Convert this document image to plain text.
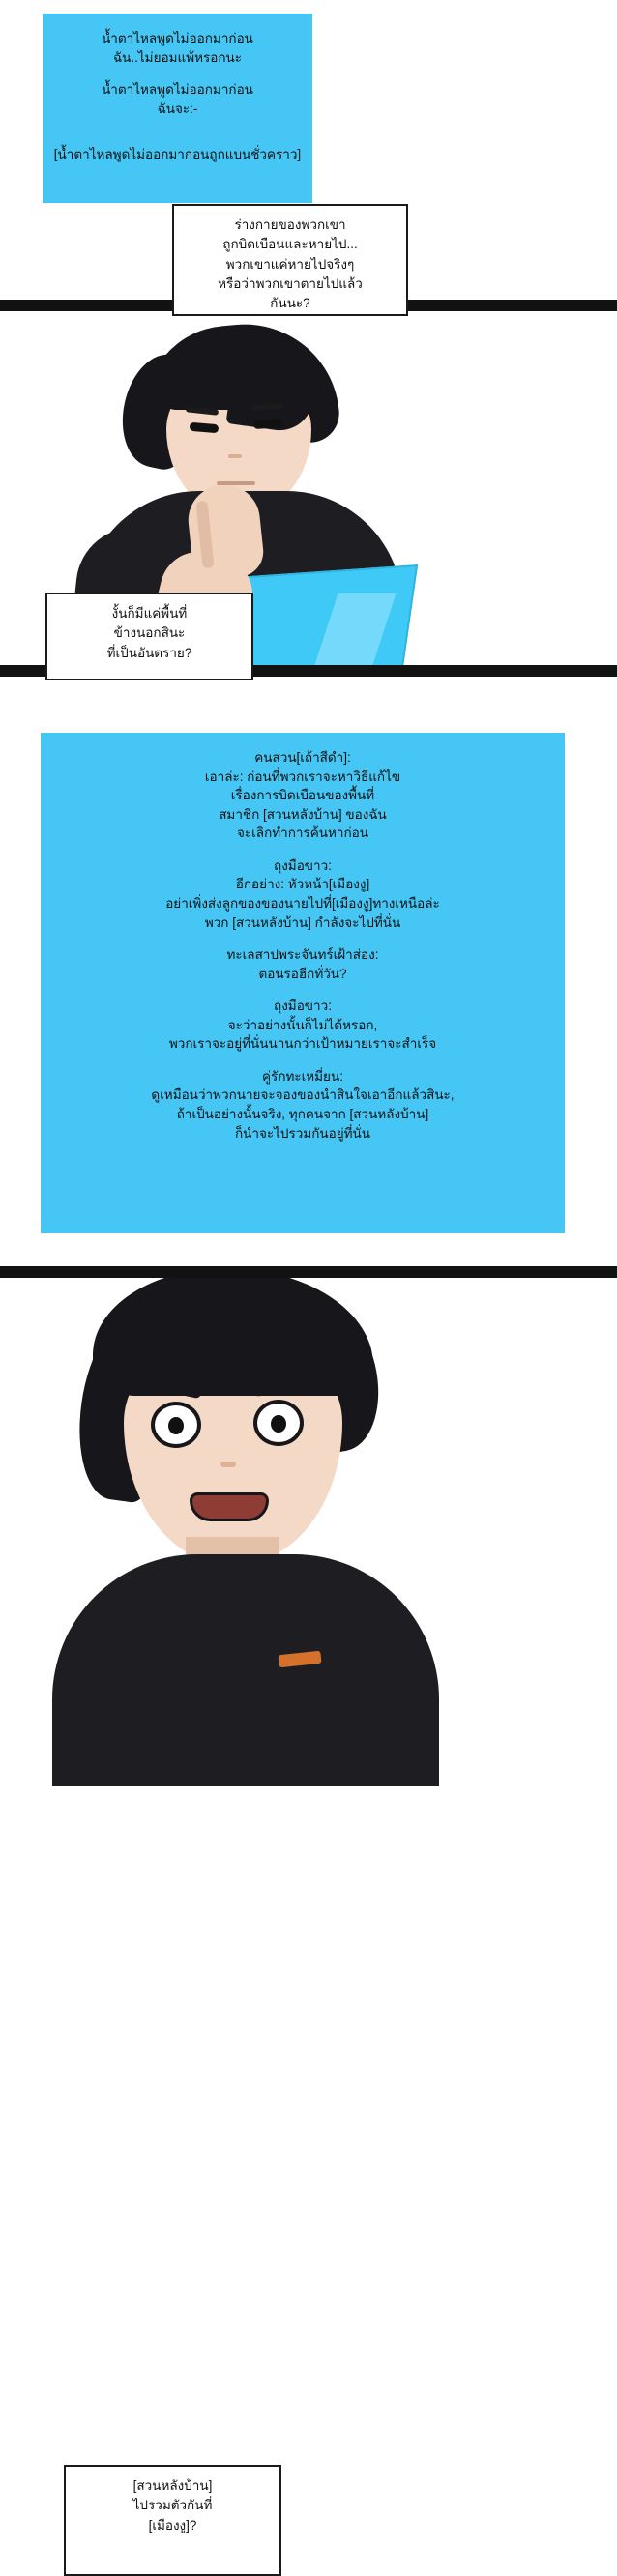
น้ำตาไหลพูดไม่ออกมาก่อน
ฉัน..ไม่ยอมแพ้หรอกนะ
น้ำตาไหลพูดไม่ออกมาก่อน
ฉันจะ:-
[น้ำตาไหลพูดไม่ออกมาก่อนถูกแบนชั่วคราว]
ร่างกายของพวกเขา
ถูกบิดเบือนและหายไป...
พวกเขาแค่หายไปจริงๆ
หรือว่าพวกเขาตายไปแล้ว
กันนะ?
งั้นก็มีแค่พื้นที่
ข้างนอกสินะ
ที่เป็นอันตราย?
คนสวน[เถ้าสีดำ]:
เอาล่ะ: ก่อนที่พวกเราจะหาวิธีแก้ไข
เรื่องการบิดเบือนของพื้นที่
สมาชิก [สวนหลังบ้าน] ของฉัน
จะเลิกทำการค้นหาก่อน
ถุงมือขาว:
อีกอย่าง: หัวหน้า[เมืองงู]
อย่าเพิ่งส่งลูกของของนายไปที่[เมืองงู]ทางเหนือล่ะ
พวก [สวนหลังบ้าน] กำลังจะไปที่นั่น
ทะเลสาปพระจันทร์เฝ้าส่อง:
ตอนรอฮีกทั่วัน?
ถุงมือขาว:
จะว่าอย่างนั้นก็ไม่ได้หรอก,
พวกเราจะอยู่ที่นั่นนานกว่าเป้าหมายเราจะสำเร็จ
คู่รักทะเหมี่ยน:
ดูเหมือนว่าพวกนายจะจองของนำสินใจเอาอีกแล้วสินะ,
ถ้าเป็นอย่างนั้นจริง, ทุกคนจาก [สวนหลังบ้าน]
ก็นำจะไปรวมกันอยู่ที่นั่น
[สวนหลังบ้าน]
ไปรวมตัวกันที่
[เมืองงู]?
